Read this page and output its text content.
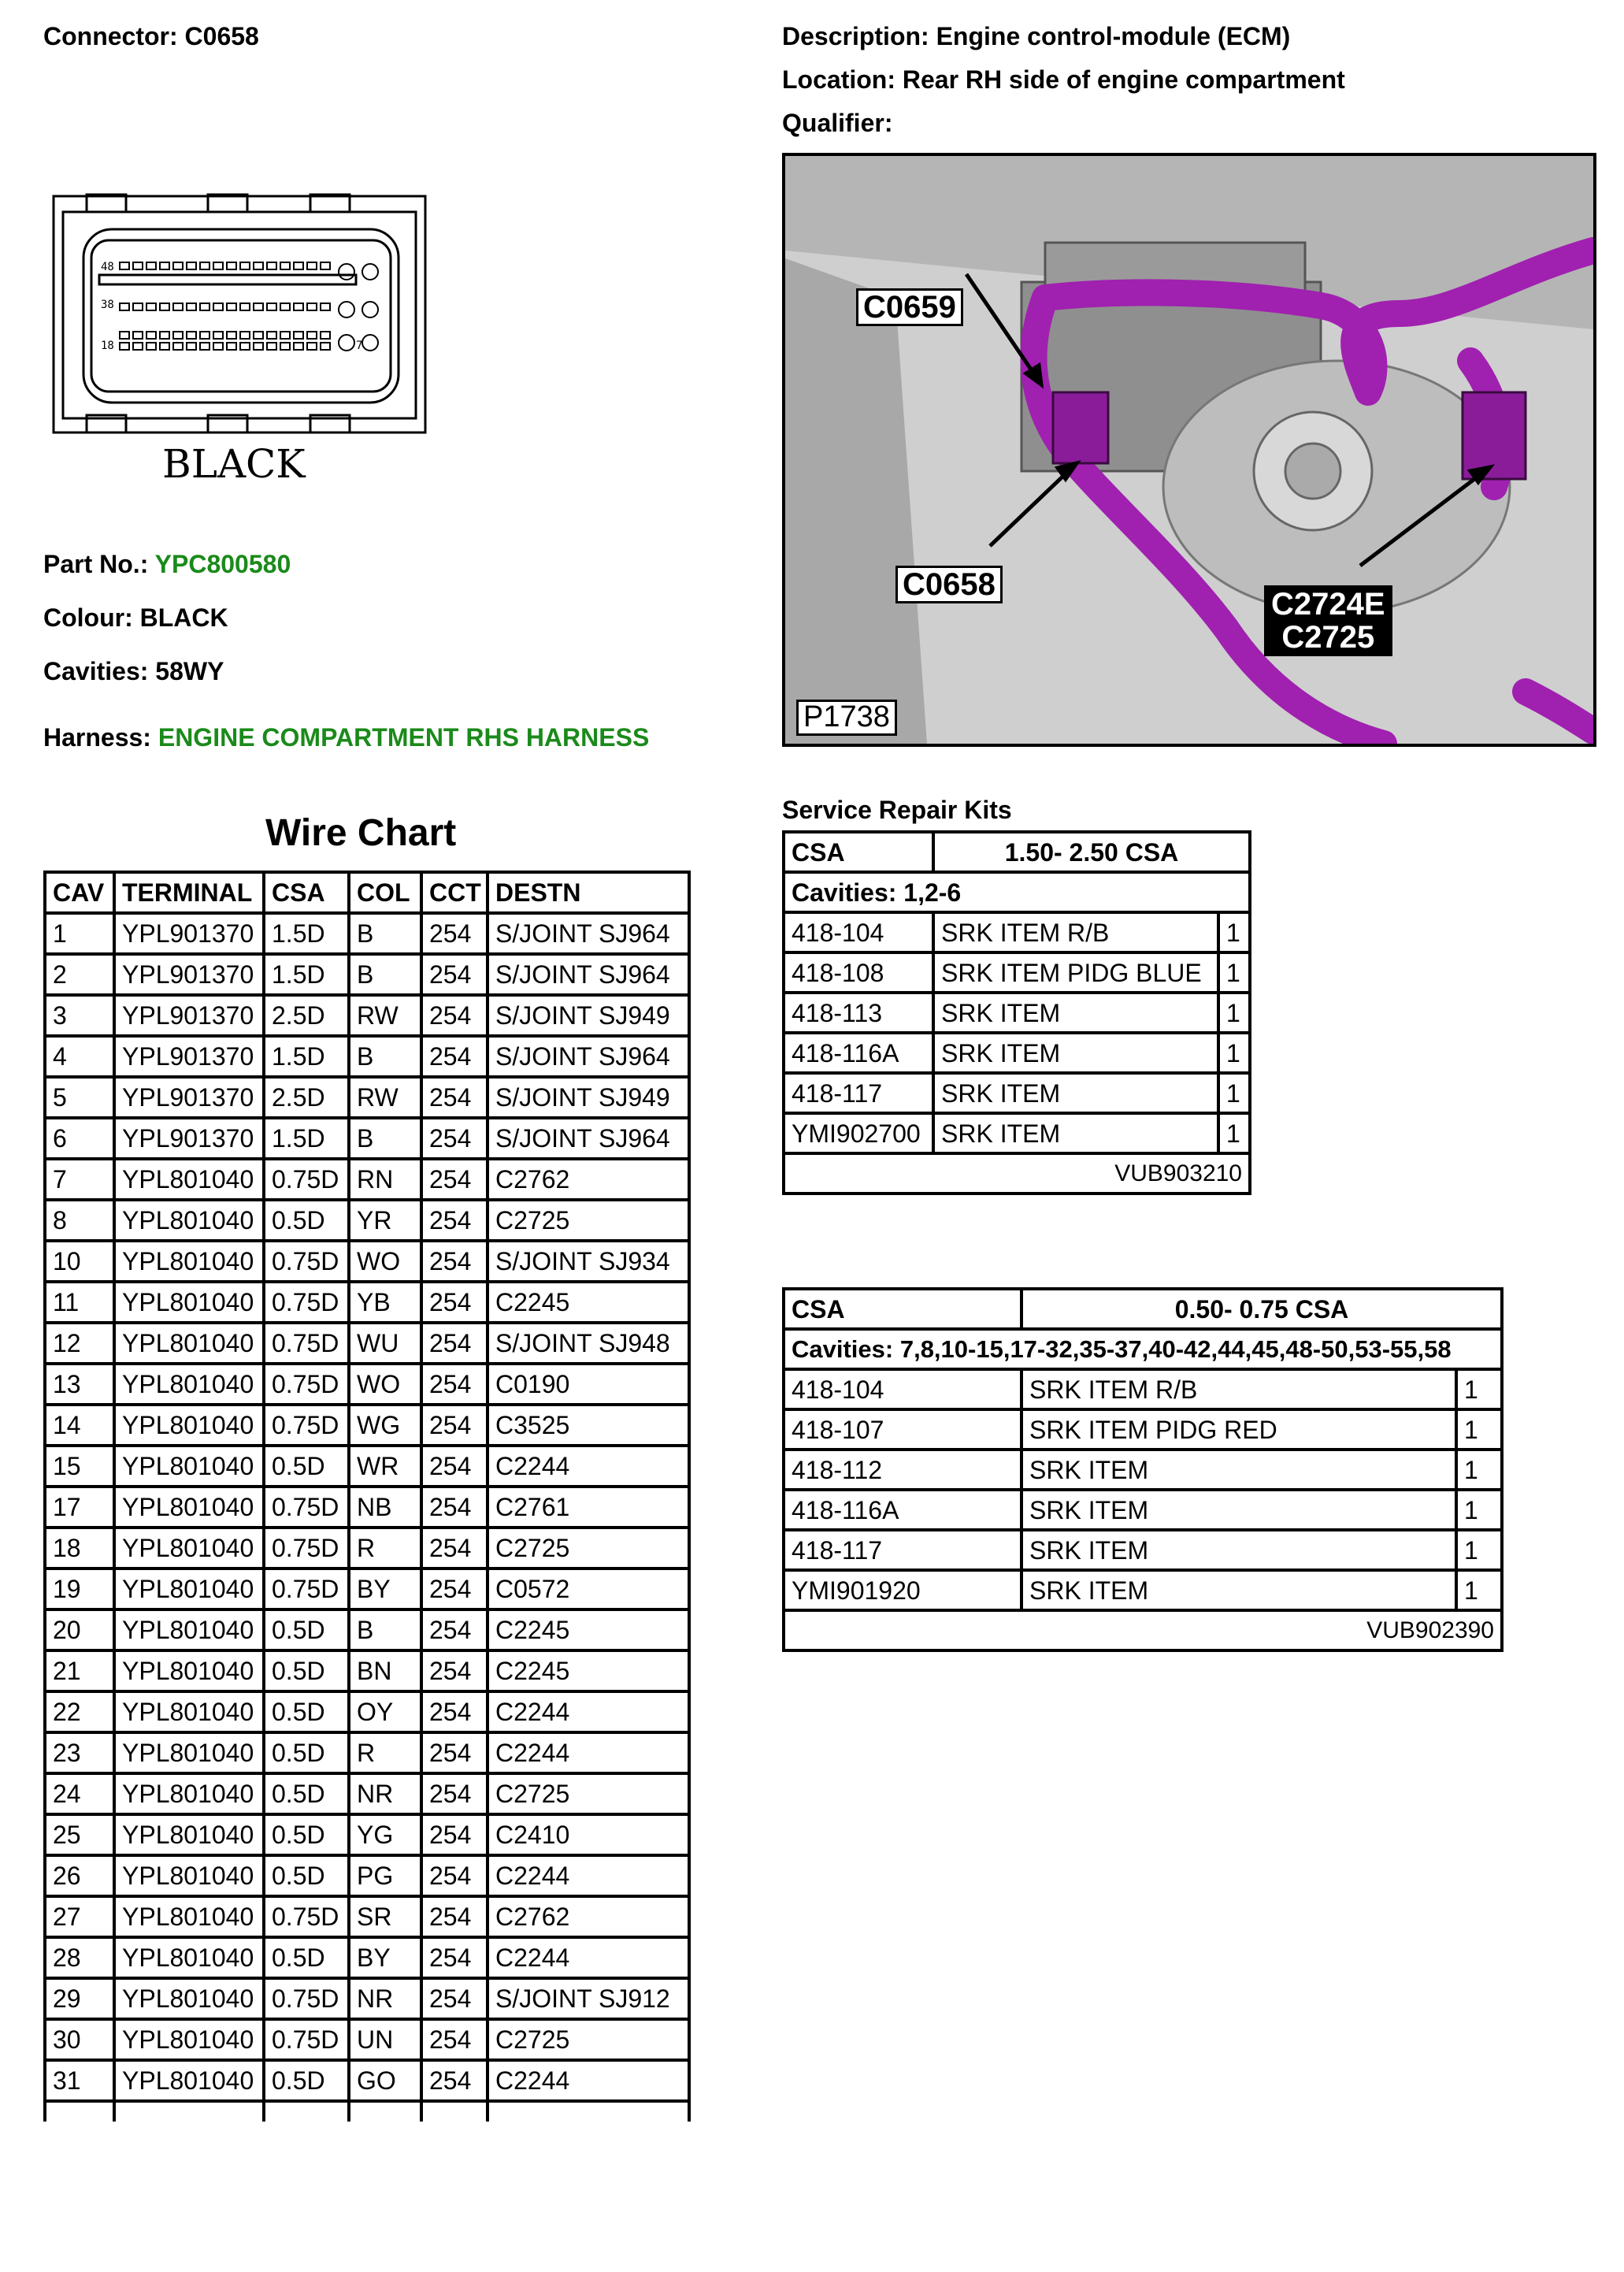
Connector: C0658	Description: Engine control-module (ECM)
Location: Rear RH side of engine compartment
Qualifier:
48
38
18	7
BLACK
Part No.: YPC800580
Colour: BLACK
Cavities: 58WY
Harness: ENGINE COMPARTMENT RHS HARNESS
C0659
C0658
C2724E
C2725
P1738
Wire Chart
CAV	TERMINAL	CSA	COL	CCT	DESTN
1	YPL901370	1.5D	B	254	S/JOINT SJ964
2	YPL901370	1.5D	B	254	S/JOINT SJ964
3	YPL901370	2.5D	RW	254	S/JOINT SJ949
4	YPL901370	1.5D	B	254	S/JOINT SJ964
5	YPL901370	2.5D	RW	254	S/JOINT SJ949
6	YPL901370	1.5D	B	254	S/JOINT SJ964
7	YPL801040	0.75D	RN	254	C2762
8	YPL801040	0.5D	YR	254	C2725
10	YPL801040	0.75D	WO	254	S/JOINT SJ934
11	YPL801040	0.75D	YB	254	C2245
12	YPL801040	0.75D	WU	254	S/JOINT SJ948
13	YPL801040	0.75D	WO	254	C0190
14	YPL801040	0.75D	WG	254	C3525
15	YPL801040	0.5D	WR	254	C2244
17	YPL801040	0.75D	NB	254	C2761
18	YPL801040	0.75D	R	254	C2725
19	YPL801040	0.75D	BY	254	C0572
20	YPL801040	0.5D	B	254	C2245
21	YPL801040	0.5D	BN	254	C2245
22	YPL801040	0.5D	OY	254	C2244
23	YPL801040	0.5D	R	254	C2244
24	YPL801040	0.5D	NR	254	C2725
25	YPL801040	0.5D	YG	254	C2410
26	YPL801040	0.5D	PG	254	C2244
27	YPL801040	0.75D	SR	254	C2762
28	YPL801040	0.5D	BY	254	C2244
29	YPL801040	0.75D	NR	254	S/JOINT SJ912
30	YPL801040	0.75D	UN	254	C2725
31	YPL801040	0.5D	GO	254	C2244

Service Repair Kits
CSA	1.50- 2.50 CSA	
Cavities: 1,2-6		
418-104	SRK ITEM R/B	1
418-108	SRK ITEM PIDG BLUE	1
418-113	SRK ITEM	1
418-116A	SRK ITEM	1
418-117	SRK ITEM	1
YMI902700	SRK ITEM	1
VUB903210		
CSA	0.50- 0.75 CSA	
Cavities: 7,8,10-15,17-32,35-37,40-42,44,45,48-50,53-55,58		
418-104	SRK ITEM R/B	1
418-107	SRK ITEM PIDG RED	1
418-112	SRK ITEM	1
418-116A	SRK ITEM	1
418-117	SRK ITEM	1
YMI901920	SRK ITEM	1
VUB902390		
